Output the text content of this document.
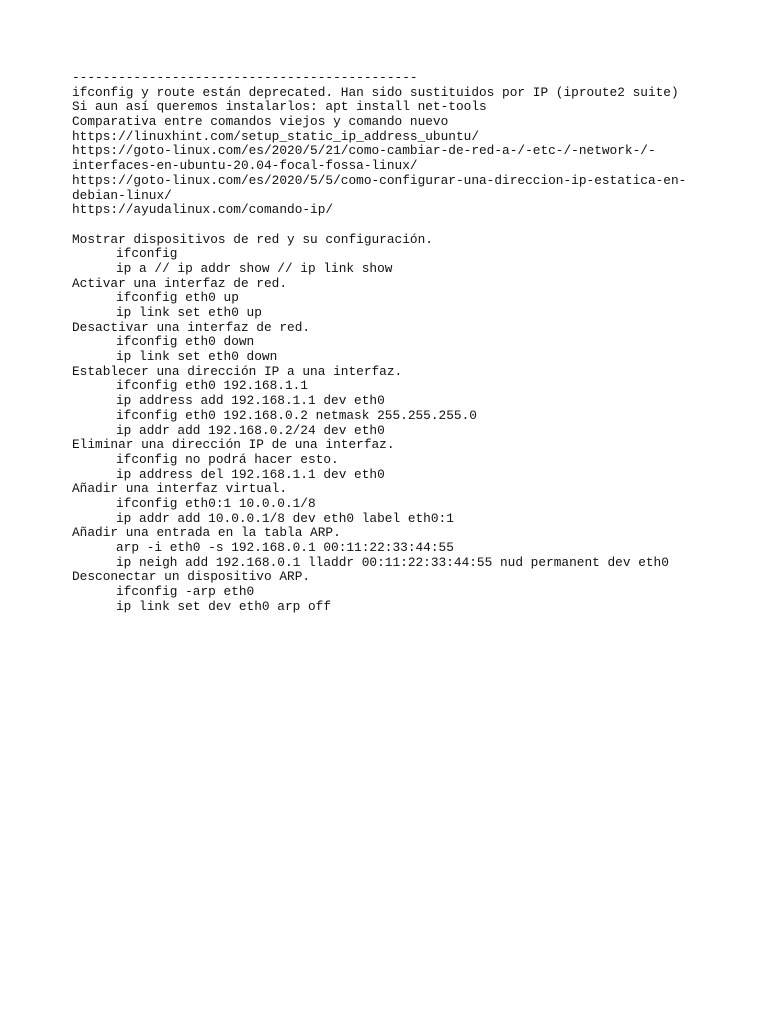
---------------------------------------------
ifconfig y route están deprecated. Han sido sustituidos por IP (iproute2 suite)
Si aun así queremos instalarlos: apt install net-tools
Comparativa entre comandos viejos y comando nuevo
https://linuxhint.com/setup_static_ip_address_ubuntu/
https://goto-linux.com/es/2020/5/21/como-cambiar-de-red-a-/-etc-/-network-/-
interfaces-en-ubuntu-20.04-focal-fossa-linux/
https://goto-linux.com/es/2020/5/5/como-configurar-una-direccion-ip-estatica-en-
debian-linux/
https://ayudalinux.com/comando-ip/
Mostrar dispositivos de red y su configuración.
ifconfig
ip a // ip addr show // ip link show
Activar una interfaz de red.
ifconfig eth0 up
ip link set eth0 up
Desactivar una interfaz de red.
ifconfig eth0 down
ip link set eth0 down
Establecer una dirección IP a una interfaz.
ifconfig eth0 192.168.1.1
ip address add 192.168.1.1 dev eth0
ifconfig eth0 192.168.0.2 netmask 255.255.255.0
ip addr add 192.168.0.2/24 dev eth0
Eliminar una dirección IP de una interfaz.
ifconfig no podrá hacer esto.
ip address del 192.168.1.1 dev eth0
Añadir una interfaz virtual.
ifconfig eth0:1 10.0.0.1/8
ip addr add 10.0.0.1/8 dev eth0 label eth0:1
Añadir una entrada en la tabla ARP.
arp -i eth0 -s 192.168.0.1 00:11:22:33:44:55
ip neigh add 192.168.0.1 lladdr 00:11:22:33:44:55 nud permanent dev eth0
Desconectar un dispositivo ARP.
ifconfig -arp eth0
ip link set dev eth0 arp off
